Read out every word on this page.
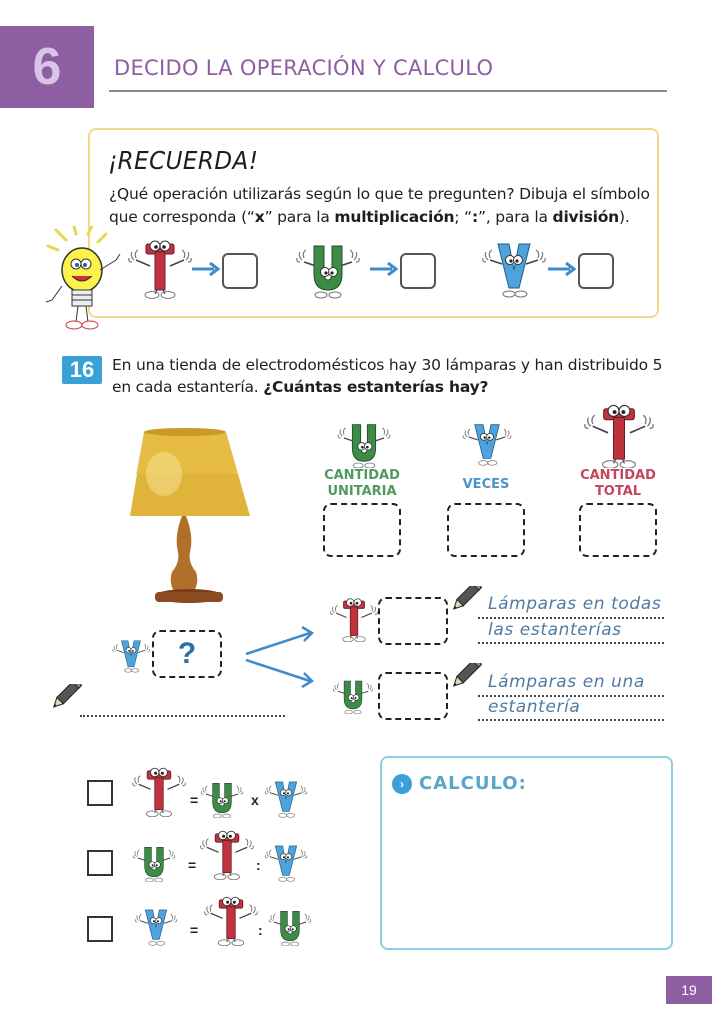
6	DECIDO LA OPERACIÓN Y CALCULO
¡RECUERDA!
¿Qué operación utilizarás según lo que te pregunten? Dibuja el símbolo
que corresponda (“x” para la multiplicación; “:”, para la división).
16	En una tienda de electrodomésticos hay 30 lámparas y han distribuido 5
en cada estantería. ¿Cuántas estanterías hay?
CANTIDAD
UNITARIA	VECES
CANTIDAD
TOTAL
?
Lámparas en todas
las estanterías
Lámparas en una
estantería
=	x
=	:
=	:
› CALCULO:
19
